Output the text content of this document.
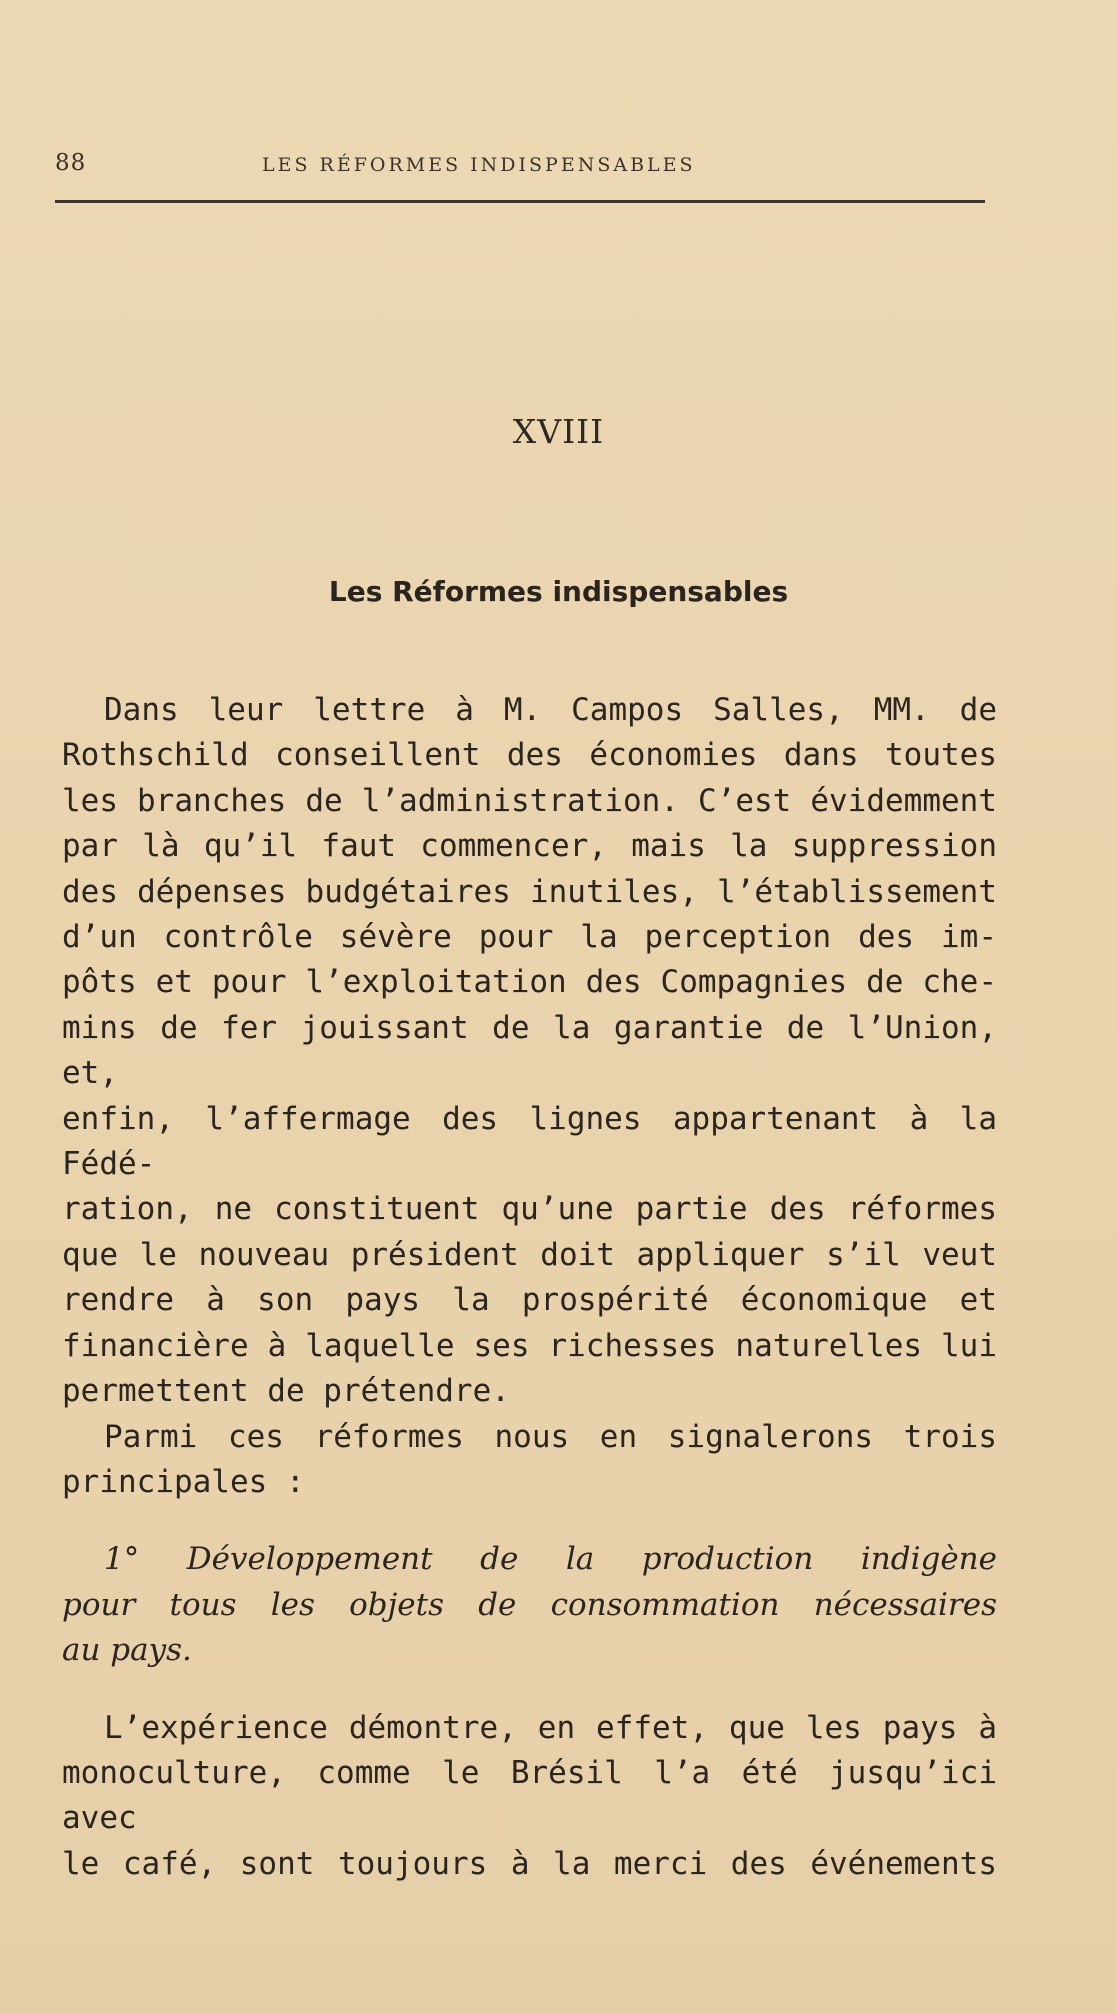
88	LES RÉFORMES INDISPENSABLES
XVIII
Les Réformes indispensables
Dans leur lettre à M. Campos Salles, MM. de
Rothschild conseillent des économies dans toutes
les branches de l’administration. C’est évidemment
par là qu’il faut commencer, mais la suppression
des dépenses budgétaires inutiles, l’établissement
d’un contrôle sévère pour la perception des im-
pôts et pour l’exploitation des Compagnies de che-
mins de fer jouissant de la garantie de l’Union, et,
enfin, l’affermage des lignes appartenant à la Fédé-
ration, ne constituent qu’une partie des réformes
que le nouveau président doit appliquer s’il veut
rendre à son pays la prospérité économique et
financière à laquelle ses richesses naturelles lui
permettent de prétendre.
Parmi ces réformes nous en signalerons trois
principales :
1° Développement de la production indigène
pour tous les objets de consommation nécessaires
au pays.
L’expérience démontre, en effet, que les pays à
monoculture, comme le Brésil l’a été jusqu’ici avec
le café, sont toujours à la merci des événements
